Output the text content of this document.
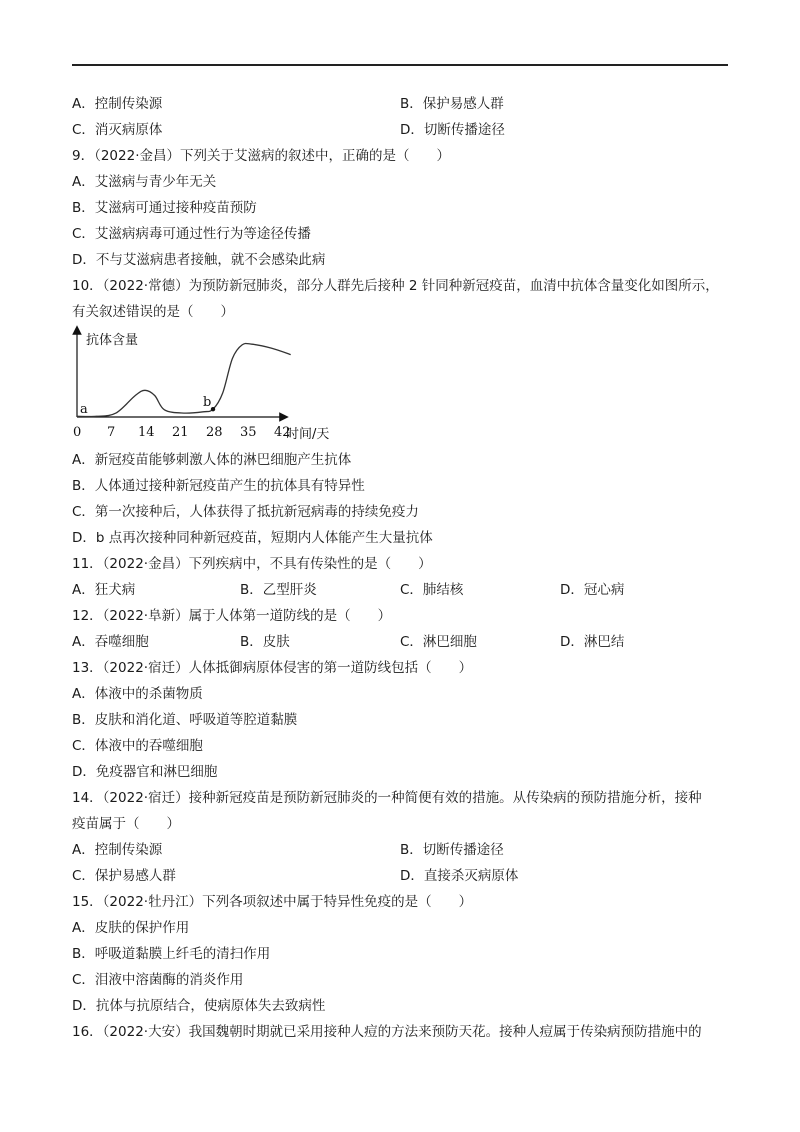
A．控制传染源	B．保护易感人群
C．消灭病原体	D．切断传播途径
9．（2022·金昌）下列关于艾滋病的叙述中，正确的是（　　）
A．艾滋病与青少年无关
B．艾滋病可通过接种疫苗预防
C．艾滋病病毒可通过性行为等途径传播
D．不与艾滋病患者接触，就不会感染此病
10．（2022·常德）为预防新冠肺炎，部分人群先后接种 2 针同种新冠疫苗，血清中抗体含量变化如图所示，
有关叙述错误的是（　　）
抗体含量
时间/天
0 7 14 21 28 35 42
a	b
A．新冠疫苗能够刺激人体的淋巴细胞产生抗体
B．人体通过接种新冠疫苗产生的抗体具有特异性
C．第一次接种后，人体获得了抵抗新冠病毒的持续免疫力
D．b 点再次接种同种新冠疫苗，短期内人体能产生大量抗体
11．（2022·金昌）下列疾病中，不具有传染性的是（　　）
A．狂犬病	B．乙型肝炎	C．肺结核	D．冠心病
12．（2022·阜新）属于人体第一道防线的是（　　）
A．吞噬细胞	B．皮肤	C．淋巴细胞	D．淋巴结
13．（2022·宿迁）人体抵御病原体侵害的第一道防线包括（　　）
A．体液中的杀菌物质
B．皮肤和消化道、呼吸道等腔道黏膜
C．体液中的吞噬细胞
D．免疫器官和淋巴细胞
14．（2022·宿迁）接种新冠疫苗是预防新冠肺炎的一种简便有效的措施。从传染病的预防措施分析，接种
疫苗属于（　　）
A．控制传染源	B．切断传播途径
C．保护易感人群	D．直接杀灭病原体
15．（2022·牡丹江）下列各项叙述中属于特异性免疫的是（　　）
A．皮肤的保护作用
B．呼吸道黏膜上纤毛的清扫作用
C．泪液中溶菌酶的消炎作用
D．抗体与抗原结合，使病原体失去致病性
16．（2022·大安）我国魏朝时期就已采用接种人痘的方法来预防天花。接种人痘属于传染病预防措施中的
